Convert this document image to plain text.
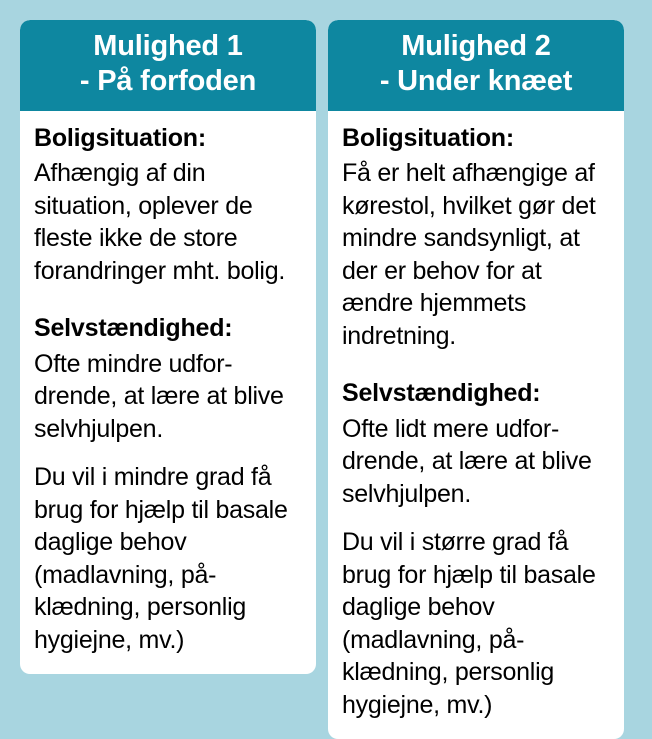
Mulighed 1
- På forfoden
Boligsituation:

Afhængig af din situation, oplever de fleste ikke de store forandringer mht. bolig.

Selvstændighed:

Ofte mindre udfordrende, at lære at blive selvhjulpen.

Du vil i mindre grad få brug for hjælp til basale daglige behov (madlavning, påklædning, personlig hygiejne, mv.)

Mulighed 2
- Under knæet
Boligsituation:

Få er helt afhængige af kørestol, hvilket gør det mindre sandsynligt, at der er behov for at ændre hjemmets indretning.

Selvstændighed:

Ofte lidt mere udfordrende, at lære at blive selvhjulpen.

Du vil i større grad få brug for hjælp til basale daglige behov (madlavning, påklædning, personlig hygiejne, mv.)
